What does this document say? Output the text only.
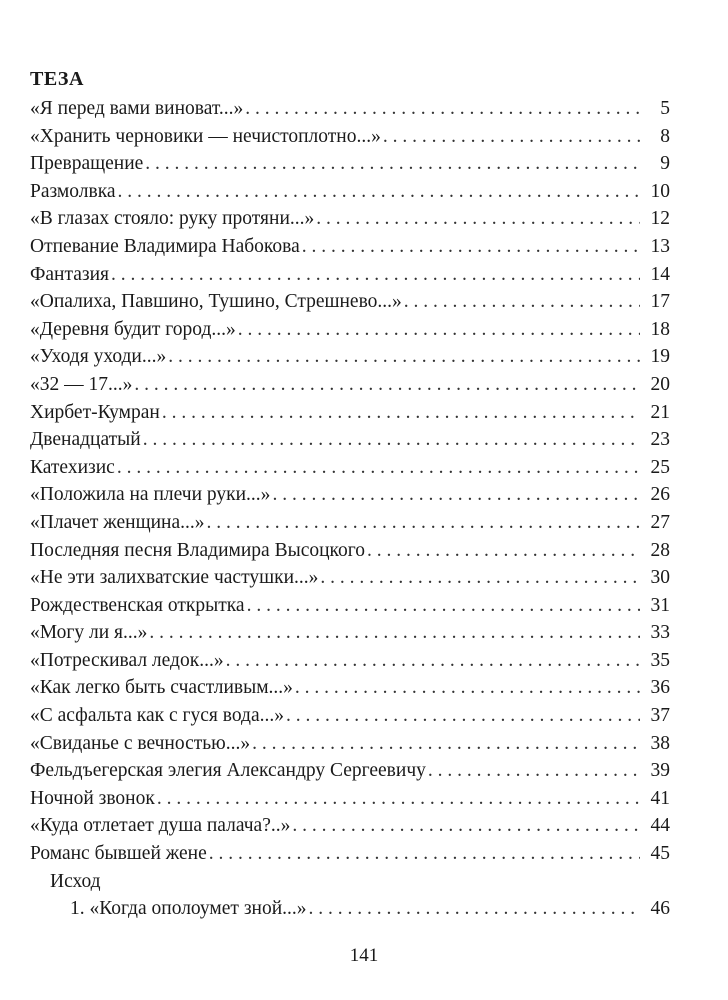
ТЕЗА
«Я перед вами виноват...» . . .	5
«Хранить черновики — нечистоплотно...» . . .	8
Превращение . . .	9
Размолвка . . .	10
«В глазах стояло: руку протяни...» . . .	12
Отпевание Владимира Набокова . . .	13
Фантазия . . .	14
«Опалиха, Павшино, Тушино, Стрешнево...» . . .	17
«Деревня будит город...» . . .	18
«Уходя уходи...» . . .	19
«32 — 17...» . . .	20
Хирбет-Кумран . . .	21
Двенадцатый . . .	23
Катехизис . . .	25
«Положила на плечи руки...» . . .	26
«Плачет женщина...» . . .	27
Последняя песня Владимира Высоцкого . . .	28
«Не эти залихватские частушки...» . . .	30
Рождественская открытка . . .	31
«Могу ли я...» . . .	33
«Потрескивал ледок...» . . .	35
«Как легко быть счастливым...» . . .	36
«С асфальта как с гуся вода...» . . .	37
«Свиданье с вечностью...» . . .	38
Фельдъегерская элегия Александру Сергеевичу . . .	39
Ночной звонок . . .	41
«Куда отлетает душа палача?..» . . .	44
Романс бывшей жене . . .	45
Исход
1. «Когда ополоумет зной...» . . .	46
141
